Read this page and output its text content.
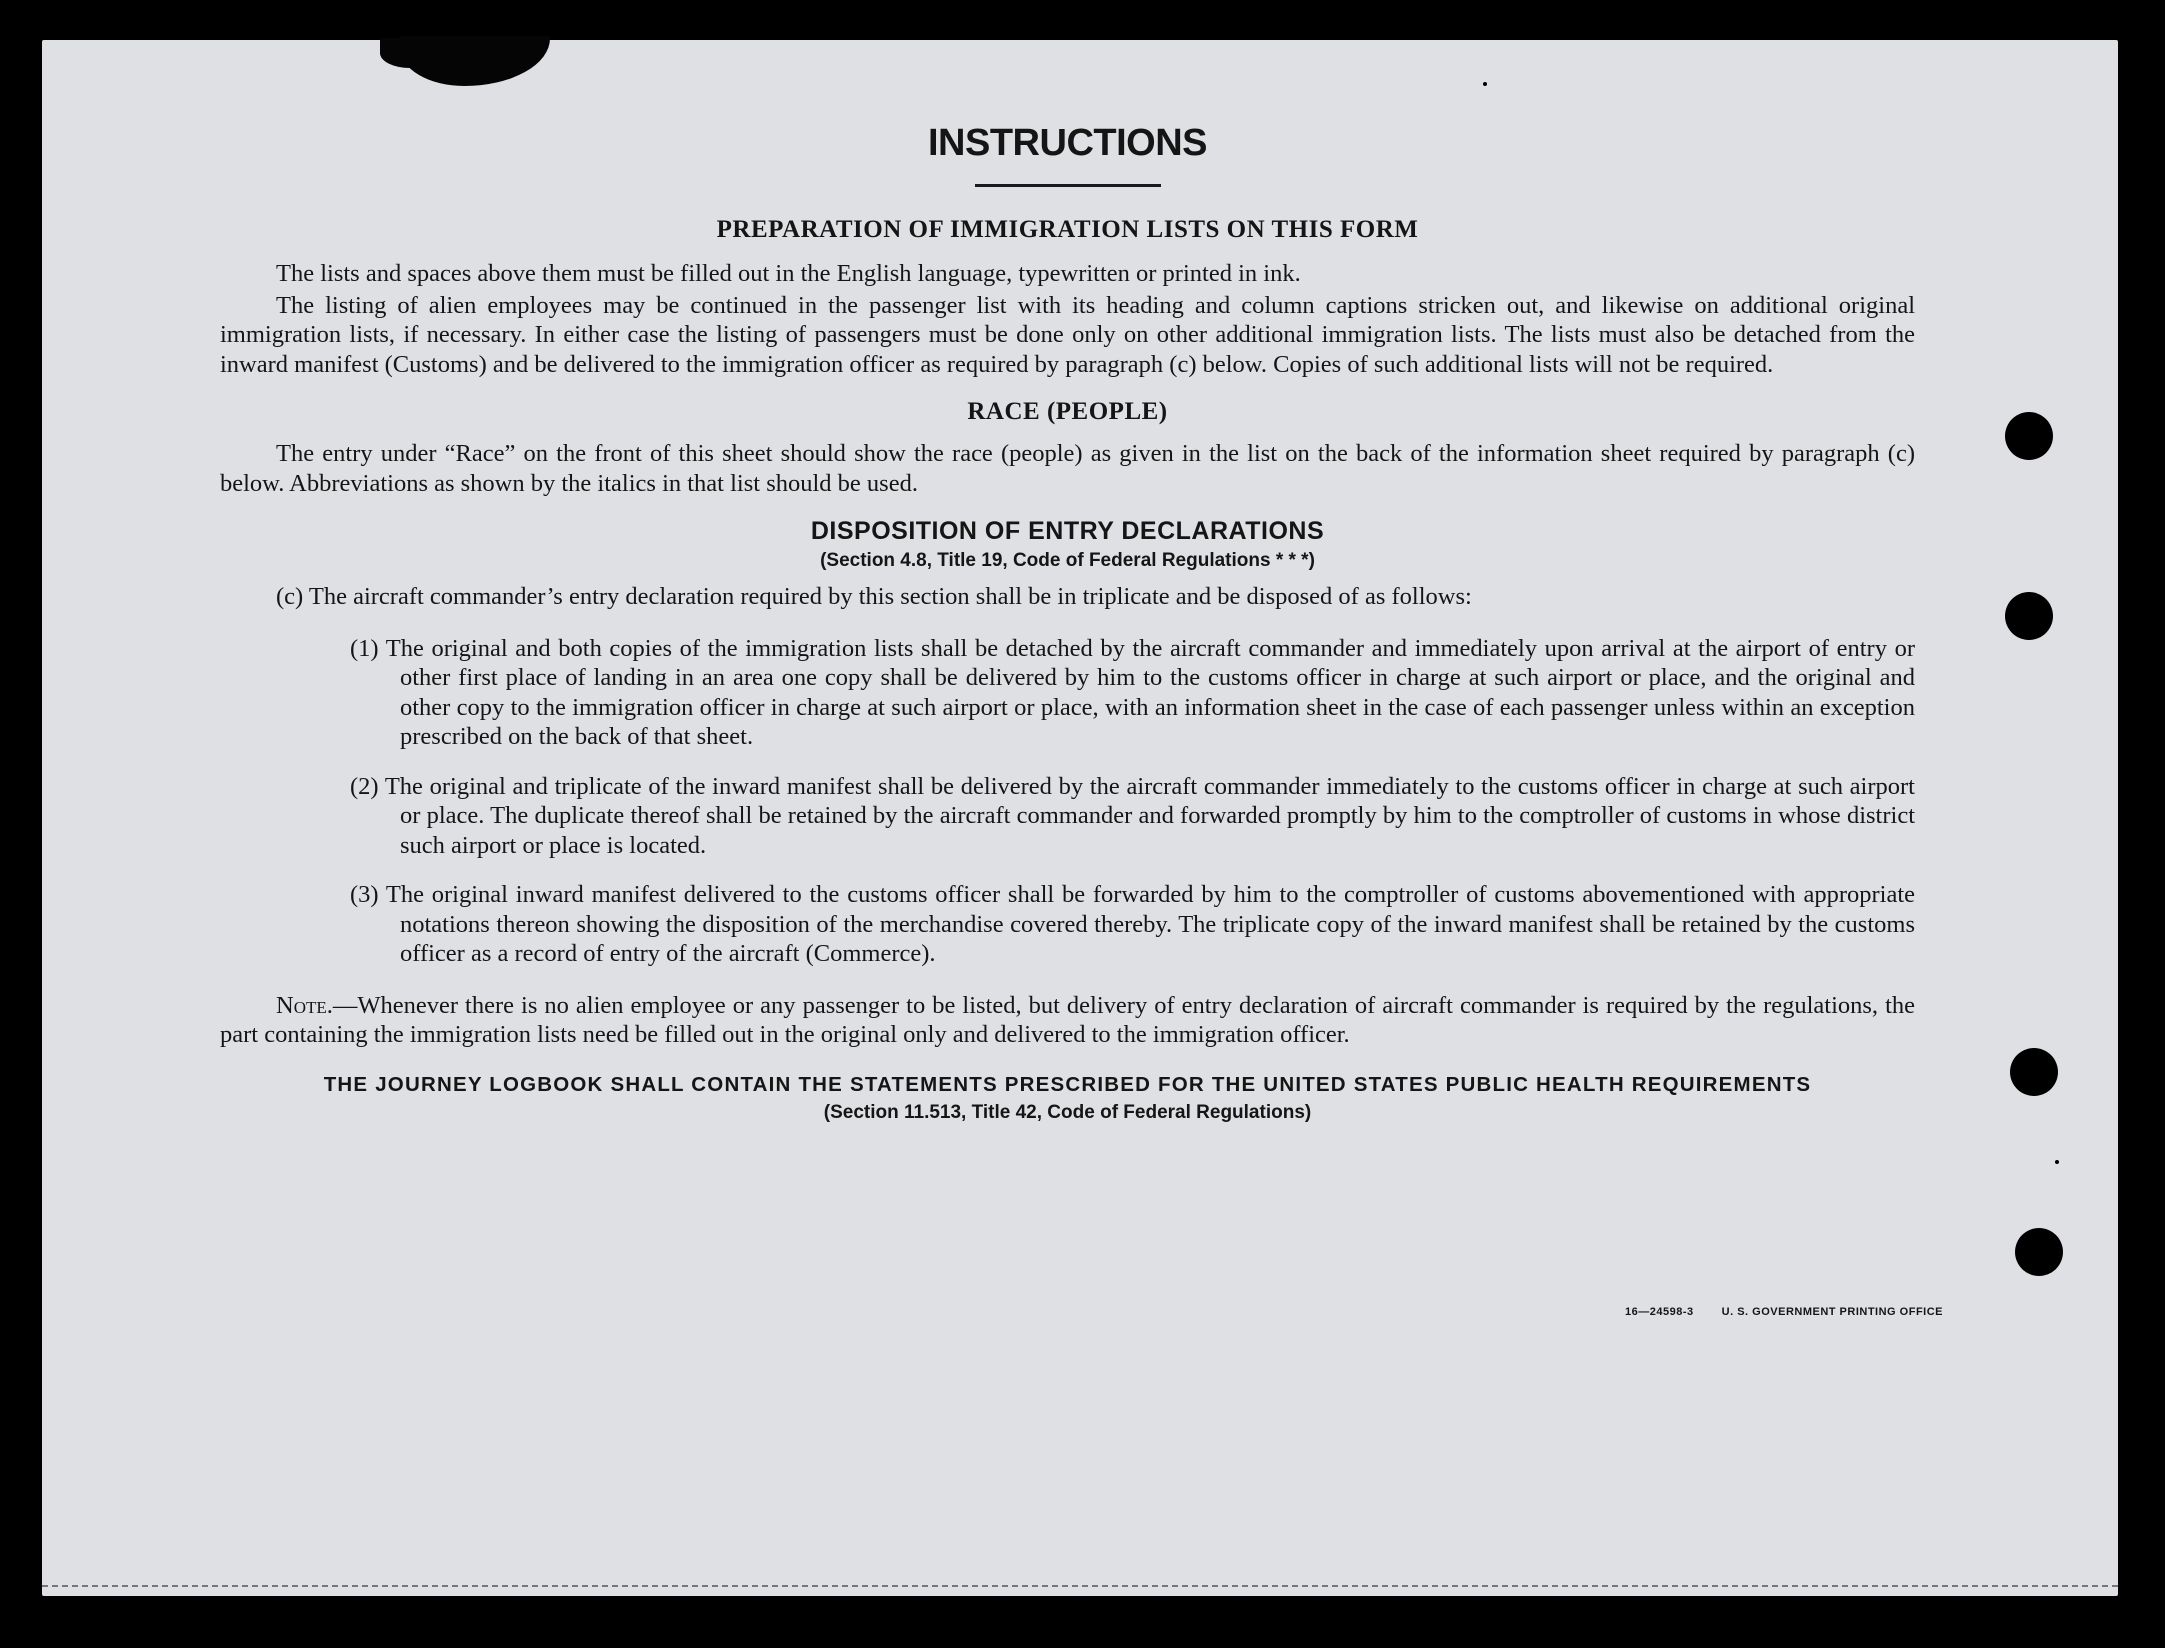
INSTRUCTIONS
PREPARATION OF IMMIGRATION LISTS ON THIS FORM

The lists and spaces above them must be filled out in the English language, typewritten or printed in ink.

The listing of alien employees may be continued in the passenger list with its heading and column captions stricken out, and likewise on additional original immigration lists, if necessary. In either case the listing of passengers must be done only on other additional immigration lists. The lists must also be detached from the inward manifest (Customs) and be delivered to the immigration officer as required by paragraph (c) below. Copies of such additional lists will not be required.

RACE (PEOPLE)

The entry under “Race” on the front of this sheet should show the race (people) as given in the list on the back of the information sheet required by paragraph (c) below. Abbreviations as shown by the italics in that list should be used.

DISPOSITION OF ENTRY DECLARATIONS
(Section 4.8, Title 19, Code of Federal Regulations * * *)

(c) The aircraft commander’s entry declaration required by this section shall be in triplicate and be disposed of as follows:

(1) The original and both copies of the immigration lists shall be detached by the aircraft commander and immediately upon arrival at the airport of entry or other first place of landing in an area one copy shall be delivered by him to the customs officer in charge at such airport or place, and the original and other copy to the immigration officer in charge at such airport or place, with an information sheet in the case of each passenger unless within an exception prescribed on the back of that sheet.

(2) The original and triplicate of the inward manifest shall be delivered by the aircraft commander immediately to the customs officer in charge at such airport or place. The duplicate thereof shall be retained by the aircraft commander and forwarded promptly by him to the comptroller of customs in whose district such airport or place is located.

(3) The original inward manifest delivered to the customs officer shall be forwarded by him to the comptroller of customs abovementioned with appropriate notations thereon showing the disposition of the merchandise covered thereby. The triplicate copy of the inward manifest shall be retained by the customs officer as a record of entry of the aircraft (Commerce).

Note.—Whenever there is no alien employee or any passenger to be listed, but delivery of entry declaration of aircraft commander is required by the regulations, the part containing the immigration lists need be filled out in the original only and delivered to the immigration officer.

THE JOURNEY LOGBOOK SHALL CONTAIN THE STATEMENTS PRESCRIBED FOR THE UNITED STATES PUBLIC HEALTH REQUIREMENTS
(Section 11.513, Title 42, Code of Federal Regulations)
16—24598-3	U. S. GOVERNMENT PRINTING OFFICE
